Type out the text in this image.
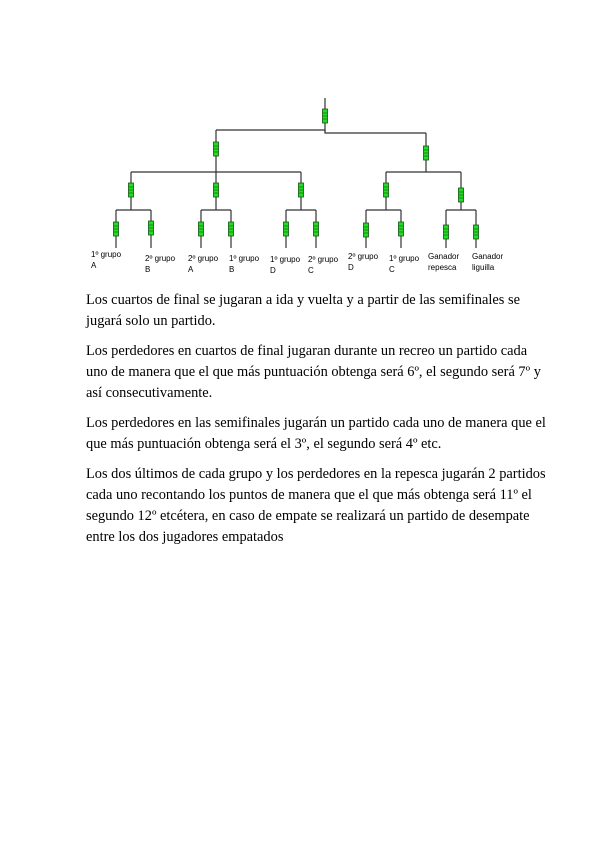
1º grupo
A
2º grupo
B
2º grupo
A
1º grupo
B
1º grupo
D
2º grupo
C
2º grupo
D
1º grupo
C
Ganador
repesca
Ganador
liguilla

Los cuartos de final se jugaran a ida y vuelta y a partir de las semifinales se jugará solo un partido.

Los perdedores en cuartos de final jugaran durante un recreo un partido cada uno de manera que el que más puntuación obtenga será 6º, el segundo será 7º y así consecutivamente.

Los perdedores en las semifinales jugarán un partido cada uno de manera que el que más puntuación obtenga será el 3º, el segundo será 4º etc.

Los dos últimos de cada grupo y los perdedores en la repesca jugarán 2 partidos cada uno recontando los puntos de manera que el que más obtenga será 11º el segundo 12º etcétera, en caso de empate se realizará un partido de desempate entre los dos jugadores empatados
